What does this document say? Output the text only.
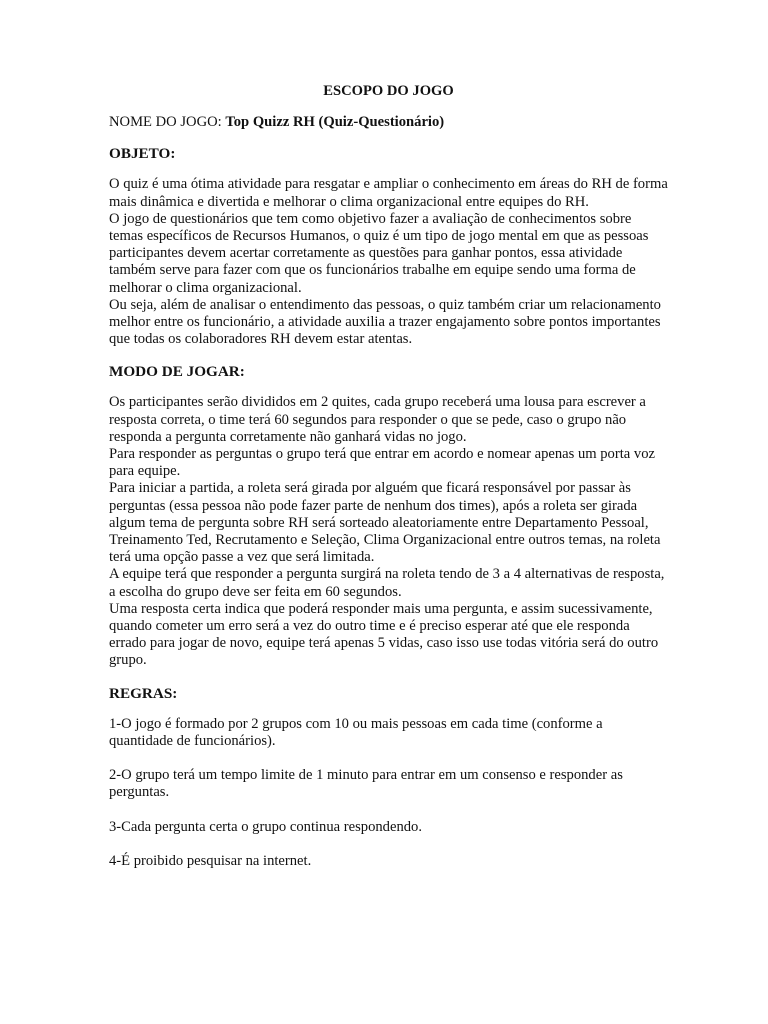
ESCOPO DO JOGO

NOME DO JOGO: Top Quizz RH (Quiz-Questionário)

OBJETO:

O quiz é uma ótima atividade para resgatar e ampliar o conhecimento em áreas do RH de forma mais dinâmica e divertida e melhorar o clima organizacional entre equipes do RH.

O jogo de questionários que tem como objetivo fazer a avaliação de conhecimentos sobre temas específicos de Recursos Humanos, o quiz é um tipo de jogo mental em que as pessoas participantes devem acertar corretamente as questões para ganhar pontos, essa atividade também serve para fazer com que os funcionários trabalhe em equipe sendo uma forma de melhorar o clima organizacional.

Ou seja, além de analisar o entendimento das pessoas, o quiz também criar um relacionamento melhor entre os funcionário, a atividade auxilia a trazer engajamento sobre pontos importantes que todas os colaboradores RH devem estar atentas.

MODO DE JOGAR:

Os participantes serão divididos em 2 quites, cada grupo receberá uma lousa para escrever a resposta correta, o time terá 60 segundos para responder o que se pede, caso o grupo não responda a pergunta corretamente não ganhará vidas no jogo.

Para responder as perguntas o grupo terá que entrar em acordo e nomear apenas um porta voz para equipe.

Para iniciar a partida, a roleta será girada por alguém que ficará responsável por passar às perguntas (essa pessoa não pode fazer parte de nenhum dos times), após a roleta ser girada algum tema de pergunta sobre RH será sorteado aleatoriamente entre Departamento Pessoal, Treinamento Ted, Recrutamento e Seleção, Clima Organizacional entre outros temas, na roleta terá uma opção passe a vez que será limitada.

A equipe terá que responder a pergunta surgirá na roleta tendo de 3 a 4 alternativas de resposta, a escolha do grupo deve ser feita em 60 segundos.

Uma resposta certa indica que poderá responder mais uma pergunta, e assim sucessivamente, quando cometer um erro será a vez do outro time e é preciso esperar até que ele responda errado para jogar de novo, equipe terá apenas 5 vidas, caso isso use todas vitória será do outro grupo.

REGRAS:

1-O jogo é formado por 2 grupos com 10 ou mais pessoas em cada time (conforme a quantidade de funcionários).

2-O grupo terá um tempo limite de 1 minuto para entrar em um consenso e responder as perguntas.

3-Cada pergunta certa o grupo continua respondendo.

4-É proibido pesquisar na internet.
